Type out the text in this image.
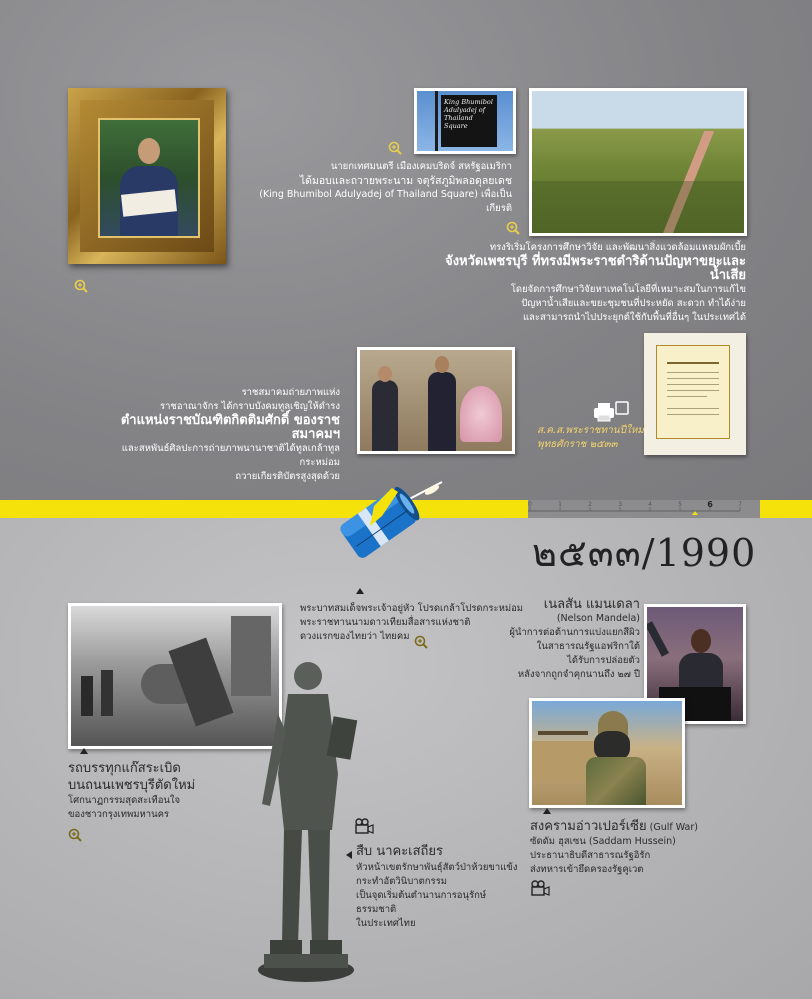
0	1	2	3	4	5	6	7
๒๕๓๓/1990
King Bhumibol Adulyadej of Thailand Square
นายกเทศมนตรี เมืองเคมบริดจ์ สหรัฐอเมริกา
ได้มอบและถวายพระนาม จตุรัสภูมิพลอดุลยเดช
(King Bhumibol Adulyadej of Thailand Square) เพื่อเป็นเกียรติ
ทรงริเริ่มโครงการศึกษาวิจัย และพัฒนาสิ่งแวดล้อมแหลมผักเบี้ย
จังหวัดเพชรบุรี ที่ทรงมีพระราชดำริด้านปัญหาขยะและน้ำเสีย
โดยจัดการศึกษาวิจัยหาเทคโนโลยีที่เหมาะสมในการแก้ไข
ปัญหาน้ำเสียและขยะชุมชนที่ประหยัด สะดวก ทำได้ง่าย
และสามารถนำไปประยุกต์ใช้กับพื้นที่อื่นๆ ในประเทศได้
ราชสมาคมถ่ายภาพแห่ง
ราชอาณาจักร ได้กราบบังคมทูลเชิญให้ดำรง
ตำแหน่งราชบัณฑิตกิตติมศักดิ์ ของราชสมาคมฯ
และสหพันธ์ศิลปะการถ่ายภาพนานาชาติได้ทูลเกล้าทูลกระหม่อม
ถวายเกียรติบัตรสูงสุดด้วย
ส.ค.ส.พระราชทานปีใหม่
พุทธศักราช ๒๕๓๓
พระบาทสมเด็จพระเจ้าอยู่หัว โปรดเกล้าโปรดกระหม่อม
พระราชทานนามดาวเทียมสื่อสารแห่งชาติ
ดวงแรกของไทยว่า ไทยคม
เนลสัน แมนเดลา
(Nelson Mandela)
ผู้นำการต่อต้านการแบ่งแยกสีผิว
ในสาธารณรัฐแอฟริกาใต้
ได้รับการปล่อยตัว
หลังจากถูกจำคุกนานถึง ๒๗ ปี
รถบรรทุกแก๊สระเบิด
บนถนนเพชรบุรีตัดใหม่
โศกนาฏกรรมสุดสะเทือนใจ
ของชาวกรุงเทพมหานคร
สืบ นาคะเสถียร
หัวหน้าเขตรักษาพันธุ์สัตว์ป่าห้วยขาแข้ง
กระทำอัตวินิบาตกรรม
เป็นจุดเริ่มต้นตำนานการอนุรักษ์ธรรมชาติ
ในประเทศไทย
สงครามอ่าวเปอร์เซีย (Gulf War)
ซัดดัม ฮุสเซน (Saddam Hussein)
ประธานาธิบดีสาธารณรัฐอิรัก
ส่งทหารเข้ายึดครองรัฐคูเวต
